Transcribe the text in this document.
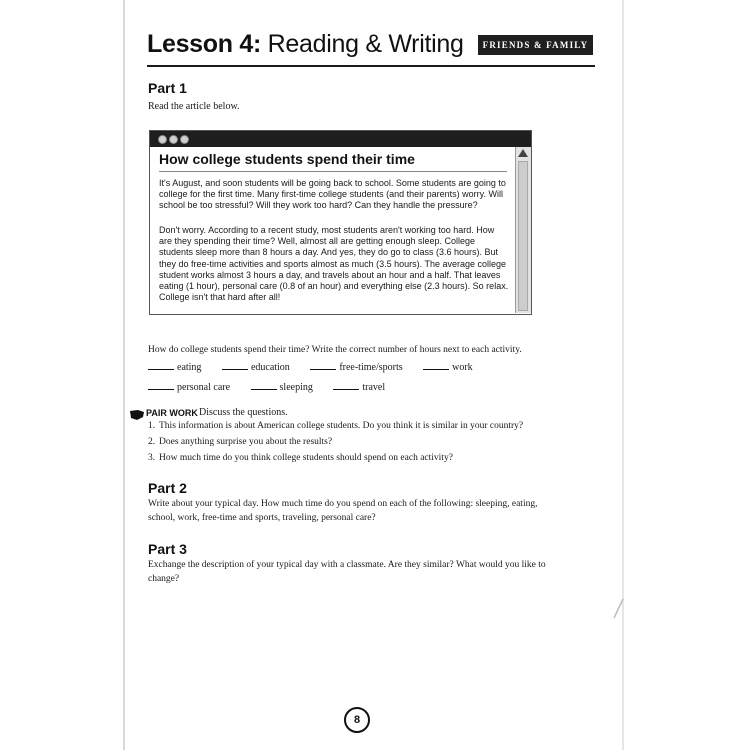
Lesson 4: Reading & Writing	FRIENDS & FAMILY
Part 1
Read the article below.
How college students spend their time
It's August, and soon students will be going back to school. Some students are going to college for the first time. Many first-time college students (and their parents) worry. Will school be too stressful? Will they work too hard? Can they handle the pressure?
Don't worry. According to a recent study, most students aren't working too hard. How are they spending their time? Well, almost all are getting enough sleep. College students sleep more than 8 hours a day. And yes, they do go to class (3.6 hours). But they do free-time activities and sports almost as much (3.5 hours). The average college student works almost 3 hours a day, and travels about an hour and a half. That leaves eating (1 hour), personal care (0.8 of an hour) and everything else (2.3 hours). So relax. College isn't that hard after all!
How do college students spend their time? Write the correct number of hours next to each activity.
eating	education	free-time/sports	work
personal care	sleeping	travel
PAIR WORK Discuss the questions.
1. This information is about American college students. Do you think it is similar in your country?
2. Does anything surprise you about the results?
3. How much time do you think college students should spend on each activity?
Part 2
Write about your typical day. How much time do you spend on each of the following: sleeping, eating, school, work, free-time and sports, traveling, personal care?
Part 3
Exchange the description of your typical day with a classmate. Are they similar? What would you like to change?
8
